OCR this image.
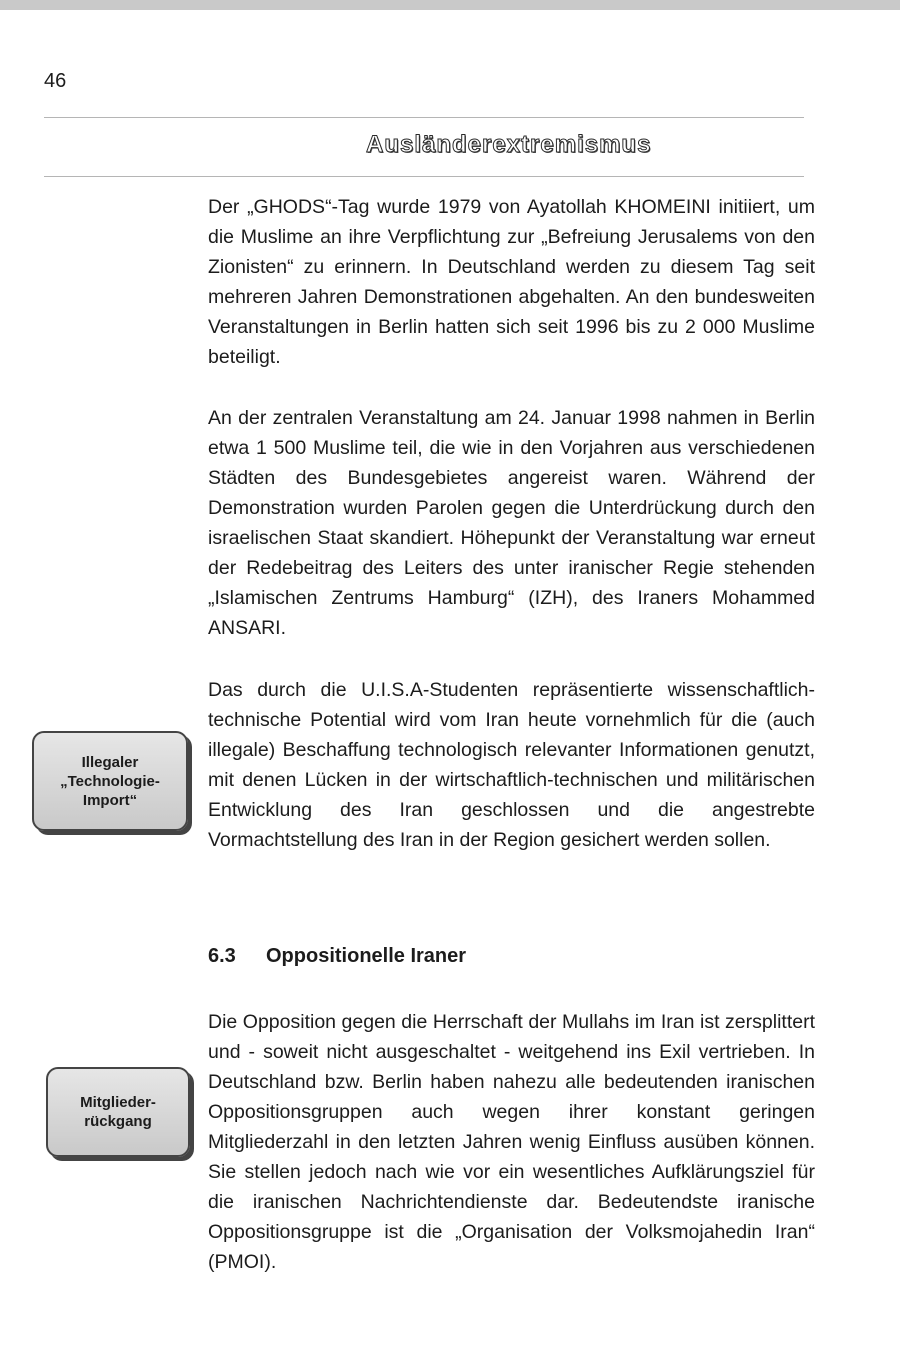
46
Ausländerextremismus

Der „GHODS“-Tag wurde 1979 von Ayatollah KHOMEINI initiiert, um die Muslime an ihre Verpflichtung zur „Befreiung Jerusalems von den Zionisten“ zu erinnern. In Deutschland werden zu diesem Tag seit mehreren Jahren Demonstrationen abgehalten. An den bundesweiten Veranstaltungen in Berlin hatten sich seit 1996 bis zu 2 000 Muslime beteiligt.

An der zentralen Veranstaltung am 24. Januar 1998 nahmen in Berlin etwa 1 500 Muslime teil, die wie in den Vorjahren aus verschiedenen Städten des Bundesgebietes angereist waren. Während der Demonstration wurden Parolen gegen die Unterdrückung durch den israelischen Staat skandiert. Höhepunkt der Veranstaltung war erneut der Redebeitrag des Leiters des unter iranischer Regie stehenden „Islamischen Zentrums Hamburg“ (IZH), des Iraners Mohammed ANSARI.

Illegaler
„Technologie-
Import“

Das durch die U.I.S.A-Studenten repräsentierte wissenschaftlich-technische Potential wird vom Iran heute vornehmlich für die (auch illegale) Beschaffung technologisch relevanter Informationen genutzt, mit denen Lücken in der wirtschaftlich-technischen und militärischen Entwicklung des Iran geschlossen und die angestrebte Vormachtstellung des Iran in der Region gesichert werden sollen.

6.3 Oppositionelle Iraner
Mitglieder-
rückgang

Die Opposition gegen die Herrschaft der Mullahs im Iran ist zersplittert und - soweit nicht ausgeschaltet - weitgehend ins Exil vertrieben. In Deutschland bzw. Berlin haben nahezu alle bedeutenden iranischen Oppositionsgruppen auch wegen ihrer konstant geringen Mitgliederzahl in den letzten Jahren wenig Einfluss ausüben können. Sie stellen jedoch nach wie vor ein wesentliches Aufklärungsziel für die iranischen Nachrichtendienste dar. Bedeutendste iranische Oppositionsgruppe ist die „Organisation der Volksmojahedin Iran“ (PMOI).
